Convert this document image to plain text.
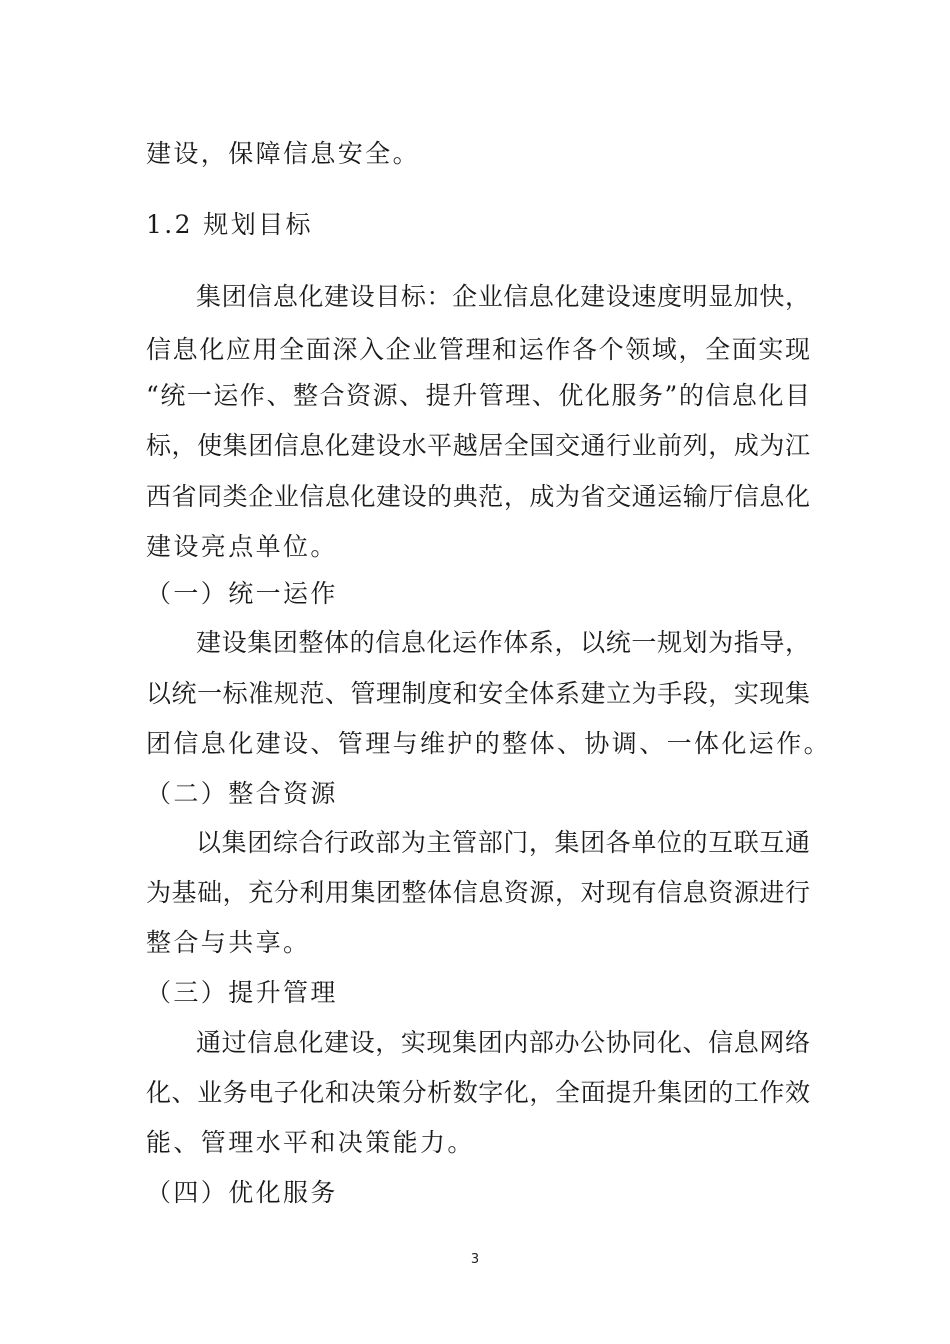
建设，保障信息安全。
1.2 规划目标
集团信息化建设目标：企业信息化建设速度明显加快，
信息化应用全面深入企业管理和运作各个领域，全面实现
“统一运作、整合资源、提升管理、优化服务”的信息化目
标，使集团信息化建设水平越居全国交通行业前列，成为江
西省同类企业信息化建设的典范，成为省交通运输厅信息化
建设亮点单位。
（一）统一运作
建设集团整体的信息化运作体系，以统一规划为指导，
以统一标准规范、管理制度和安全体系建立为手段，实现集
团信息化建设、管理与维护的整体、协调、一体化运作。
（二）整合资源
以集团综合行政部为主管部门，集团各单位的互联互通
为基础，充分利用集团整体信息资源，对现有信息资源进行
整合与共享。
（三）提升管理
通过信息化建设，实现集团内部办公协同化、信息网络
化、业务电子化和决策分析数字化，全面提升集团的工作效
能、管理水平和决策能力。
（四）优化服务
3
